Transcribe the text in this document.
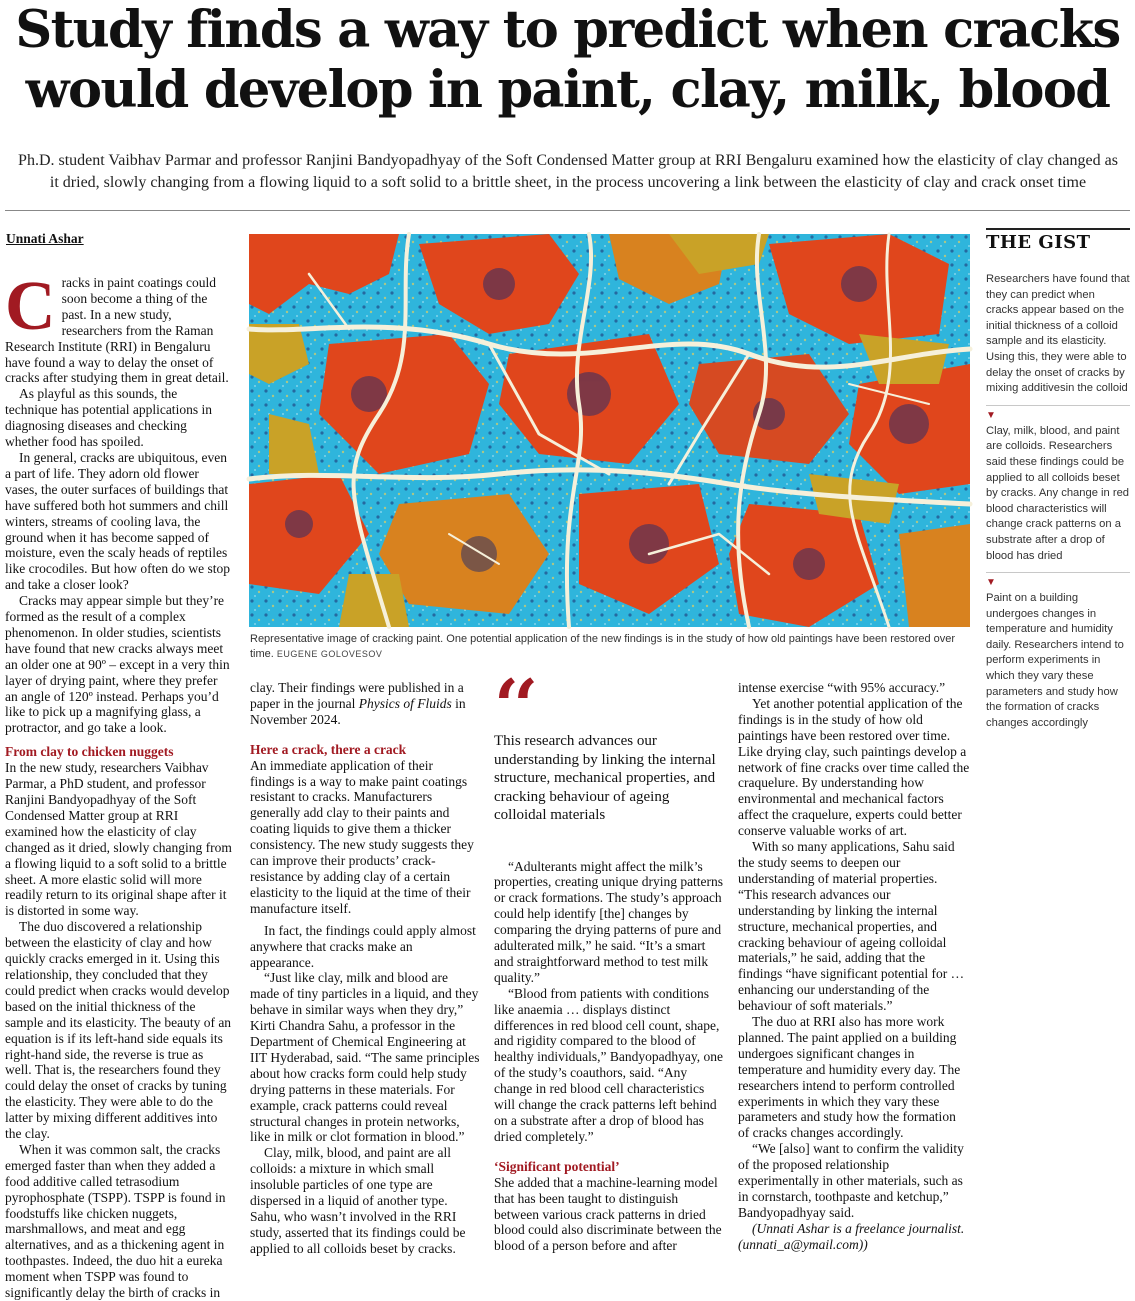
Study finds a way to predict when cracks
would develop in paint, clay, milk, blood
Ph.D. student Vaibhav Parmar and professor Ranjini Bandyopadhyay of the Soft Condensed Matter group at RRI Bengaluru examined how the elasticity of clay changed as it dried, slowly changing from a flowing liquid to a soft solid to a brittle sheet, in the process uncovering a link between the elasticity of clay and crack onset time
Unnati Ashar

Cracks in paint coatings could soon become a thing of the past. In a new study, researchers from the Raman Research Institute (RRI) in Bengaluru have found a way to delay the onset of cracks after studying them in great detail.

As playful as this sounds, the technique has potential applications in diagnosing diseases and checking whether food has spoiled.

In general, cracks are ubiquitous, even a part of life. They adorn old flower vases, the outer surfaces of buildings that have suffered both hot summers and chill winters, streams of cooling lava, the ground when it has become sapped of moisture, even the scaly heads of reptiles like crocodiles. But how often do we stop and take a closer look?

Cracks may appear simple but they’re formed as the result of a complex phenomenon. In older studies, scientists have found that new cracks always meet an older one at 90º – except in a very thin layer of drying paint, where they prefer an angle of 120º instead. Perhaps you’d like to pick up a magnifying glass, a protractor, and go take a look.

From clay to chicken nuggets

In the new study, researchers Vaibhav Parmar, a PhD student, and professor Ranjini Bandyopadhyay of the Soft Condensed Matter group at RRI examined how the elasticity of clay changed as it dried, slowly changing from a flowing liquid to a soft solid to a brittle sheet. A more elastic solid will more readily return to its original shape after it is distorted in some way.

The duo discovered a relationship between the elasticity of clay and how quickly cracks emerged in it. Using this relationship, they concluded that they could predict when cracks would develop based on the initial thickness of the sample and its elasticity. The beauty of an equation is if its left-hand side equals its right-hand side, the reverse is true as well. That is, the researchers found they could delay the onset of cracks by tuning the elasticity. They were able to do the latter by mixing different additives into the clay.

When it was common salt, the cracks emerged faster than when they added a food additive called tetrasodium pyrophosphate (TSPP). TSPP is found in foodstuffs like chicken nuggets, marshmallows, and meat and egg alternatives, and as a thickening agent in toothpastes. Indeed, the duo hit a eureka moment when TSPP was found to significantly delay the birth of cracks in

Representative image of cracking paint. One potential application of the new findings is in the study of how old paintings have been restored over time. EUGENE GOLOVESOV

clay. Their findings were published in a paper in the journal Physics of Fluids in November 2024.

Here a crack, there a crack

An immediate application of their findings is a way to make paint coatings resistant to cracks. Manufacturers generally add clay to their paints and coating liquids to give them a thicker consistency. The new study suggests they can improve their products’ crack-resistance by adding clay of a certain elasticity to the liquid at the time of their manufacture itself.

In fact, the findings could apply almost anywhere that cracks make an appearance.

“Just like clay, milk and blood are made of tiny particles in a liquid, and they behave in similar ways when they dry,” Kirti Chandra Sahu, a professor in the Department of Chemical Engineering at IIT Hyderabad, said. “The same principles about how cracks form could help study drying patterns in these materials. For example, crack patterns could reveal structural changes in protein networks, like in milk or clot formation in blood.”

Clay, milk, blood, and paint are all colloids: a mixture in which small insoluble particles of one type are dispersed in a liquid of another type. Sahu, who wasn’t involved in the RRI study, asserted that its findings could be applied to all colloids beset by cracks.

‘‘
This research advances our understanding by linking the internal structure, mechanical properties, and cracking behaviour of ageing colloidal materials

“Adulterants might affect the milk’s properties, creating unique drying patterns or crack formations. The study’s approach could help identify [the] changes by comparing the drying patterns of pure and adulterated milk,” he said. “It’s a smart and straightforward method to test milk quality.”

“Blood from patients with conditions like anaemia … displays distinct differences in red blood cell count, shape, and rigidity compared to the blood of healthy individuals,” Bandyopadhyay, one of the study’s coauthors, said. “Any change in red blood cell characteristics will change the crack patterns left behind on a substrate after a drop of blood has dried completely.”

‘Significant potential’

She added that a machine-learning model that has been taught to distinguish between various crack patterns in dried blood could also discriminate between the blood of a person before and after

intense exercise “with 95% accuracy.”

Yet another potential application of the findings is in the study of how old paintings have been restored over time. Like drying clay, such paintings develop a network of fine cracks over time called the craquelure. By understanding how environmental and mechanical factors affect the craquelure, experts could better conserve valuable works of art.

With so many applications, Sahu said the study seems to deepen our understanding of material properties. “This research advances our understanding by linking the internal structure, mechanical properties, and cracking behaviour of ageing colloidal materials,” he said, adding that the findings “have significant potential for … enhancing our understanding of the behaviour of soft materials.”

The duo at RRI also has more work planned. The paint applied on a building undergoes significant changes in temperature and humidity every day. The researchers intend to perform controlled experiments in which they vary these parameters and study how the formation of cracks changes accordingly.

“We [also] want to confirm the validity of the proposed relationship experimentally in other materials, such as in cornstarch, toothpaste and ketchup,” Bandyopadhyay said.

(Unnati Ashar is a freelance journalist.
(unnati_a@ymail.com))

THE GIST
Researchers have found that they can predict when cracks appear based on the initial thickness of a colloid sample and its elasticity. Using this, they were able to delay the onset of cracks by mixing additivesin the colloid
▼
Clay, milk, blood, and paint are colloids. Researchers said these findings could be applied to all colloids beset by cracks. Any change in red blood characteristics will change crack patterns on a substrate after a drop of blood has dried
▼
Paint on a building undergoes changes in temperature and humidity daily. Researchers intend to perform experiments in which they vary these parameters and study how the formation of cracks changes accordingly
